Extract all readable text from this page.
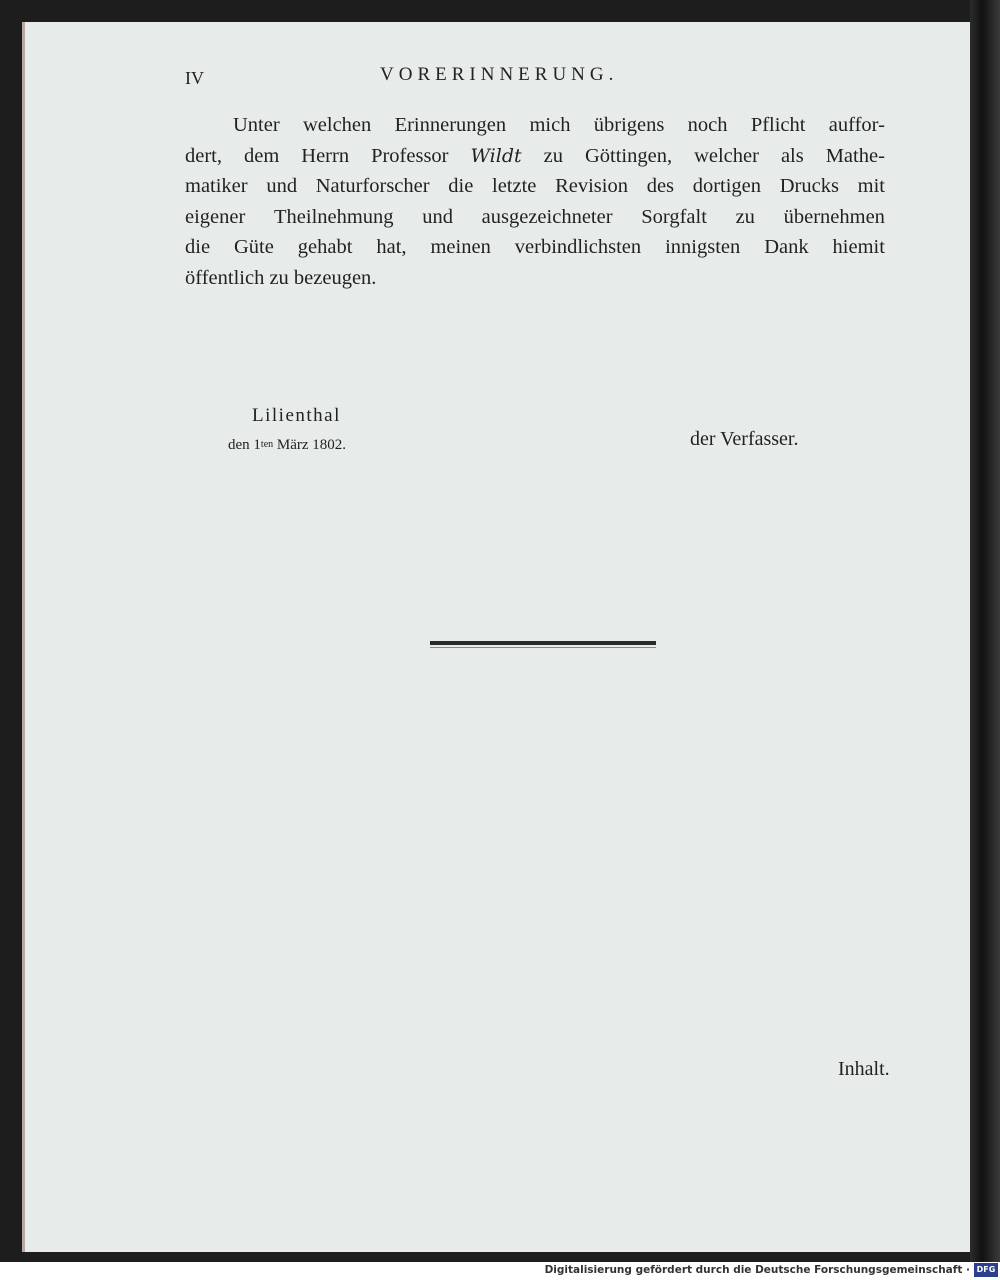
IV	VORERINNERUNG.
Unter welchen Erinnerungen mich übrigens noch Pflicht auffor-
dert, dem Herrn Professor Wildt zu Göttingen, welcher als Mathe-
matiker und Naturforscher die letzte Revision des dortigen Drucks mit
eigener Theilnehmung und ausgezeichneter Sorgfalt zu übernehmen
die Güte gehabt hat, meinen verbindlichsten innigsten Dank hiemit
öffentlich zu bezeugen.
Lilienthal
den $1^{ten}$ März 1802.	der Verfasser.
Inhalt.
Digitalisierung gefördert durch die Deutsche Forschungsgemeinschaft · DFG
